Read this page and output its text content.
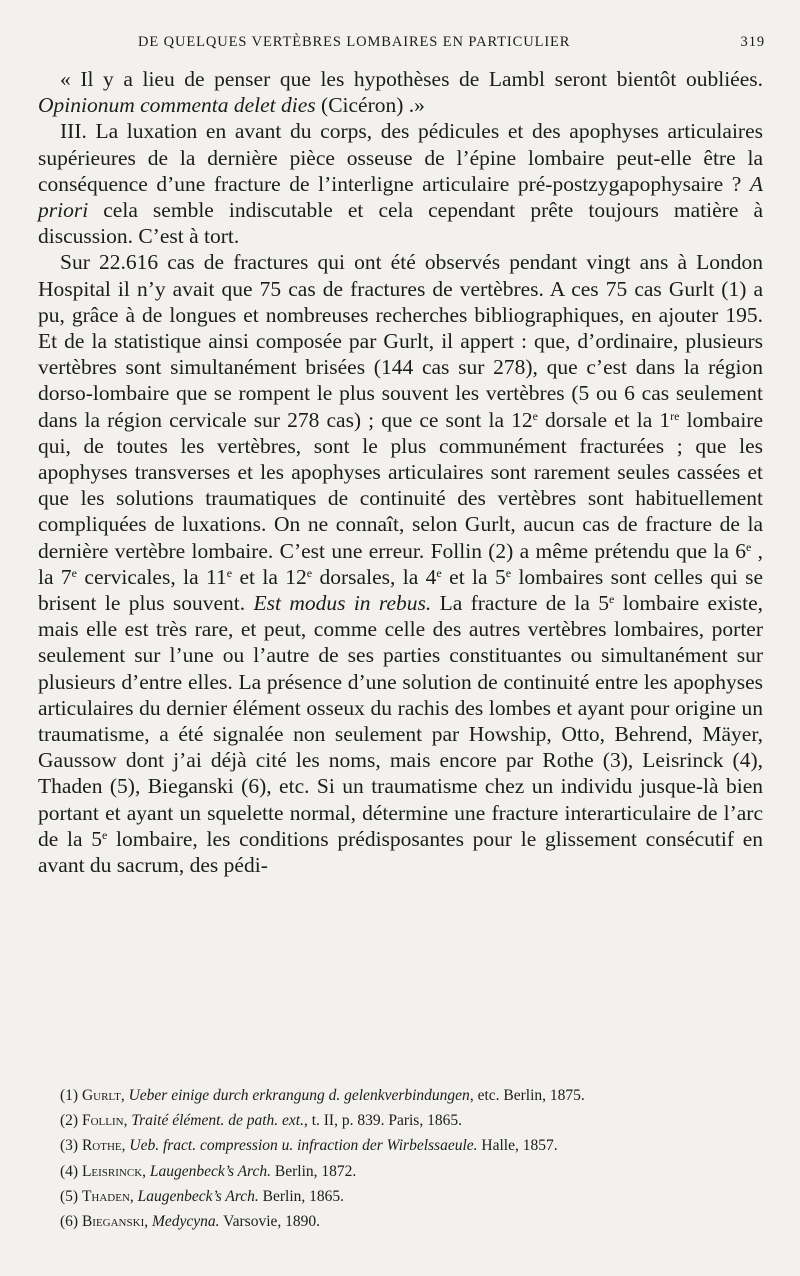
DE QUELQUES VERTÈBRES LOMBAIRES EN PARTICULIER	319

« Il y a lieu de penser que les hypothèses de Lambl seront bientôt oubliées. Opinionum commenta delet dies (Cicéron) .»

III. La luxation en avant du corps, des pédicules et des apophyses articulaires supérieures de la dernière pièce osseuse de l’épine lombaire peut-elle être la conséquence d’une fracture de l’interligne articulaire pré-postzygapophysaire ? A priori cela semble indiscutable et cela cependant prête toujours matière à discussion. C’est à tort.

Sur 22.616 cas de fractures qui ont été observés pendant vingt ans à London Hospital il n’y avait que 75 cas de fractures de vertèbres. A ces 75 cas Gurlt (1) a pu, grâce à de longues et nombreuses recherches bibliographiques, en ajouter 195. Et de la statistique ainsi composée par Gurlt, il appert : que, d’ordinaire, plusieurs vertèbres sont simultanément brisées (144 cas sur 278), que c’est dans la région dorso-lombaire que se rompent le plus souvent les vertèbres (5 ou 6 cas seulement dans la région cervicale sur 278 cas) ; que ce sont la 12e dorsale et la 1re lombaire qui, de toutes les vertèbres, sont le plus communément fracturées ; que les apophyses transverses et les apophyses articulaires sont rarement seules cassées et que les solutions traumatiques de continuité des vertèbres sont habituellement compliquées de luxations. On ne connaît, selon Gurlt, aucun cas de fracture de la dernière vertèbre lombaire. C’est une erreur. Follin (2) a même prétendu que la 6e , la 7e cervicales, la 11e et la 12e dorsales, la 4e et la 5e lombaires sont celles qui se brisent le plus souvent. Est modus in rebus. La fracture de la 5e lombaire existe, mais elle est très rare, et peut, comme celle des autres vertèbres lombaires, porter seulement sur l’une ou l’autre de ses parties constituantes ou simultanément sur plusieurs d’entre elles. La présence d’une solution de continuité entre les apophyses articulaires du dernier élément osseux du rachis des lombes et ayant pour origine un traumatisme, a été signalée non seulement par Howship, Otto, Behrend, Mäyer, Gaussow dont j’ai déjà cité les noms, mais encore par Rothe (3), Leisrinck (4), Thaden (5), Bieganski (6), etc. Si un traumatisme chez un individu jusque-là bien portant et ayant un squelette normal, détermine une fracture interarticulaire de l’arc de la 5e lombaire, les conditions prédisposantes pour le glissement consécutif en avant du sacrum, des pédi-

(1) Gurlt, Ueber einige durch erkrangung d. gelenkverbindungen, etc. Berlin, 1875.

(2) Follin, Traité élément. de path. ext., t. II, p. 839. Paris, 1865.

(3) Rothe, Ueb. fract. compression u. infraction der Wirbelssaeule. Halle, 1857.

(4) Leisrinck, Laugenbeck’s Arch. Berlin, 1872.

(5) Thaden, Laugenbeck’s Arch. Berlin, 1865.

(6) Bieganski, Medycyna. Varsovie, 1890.
